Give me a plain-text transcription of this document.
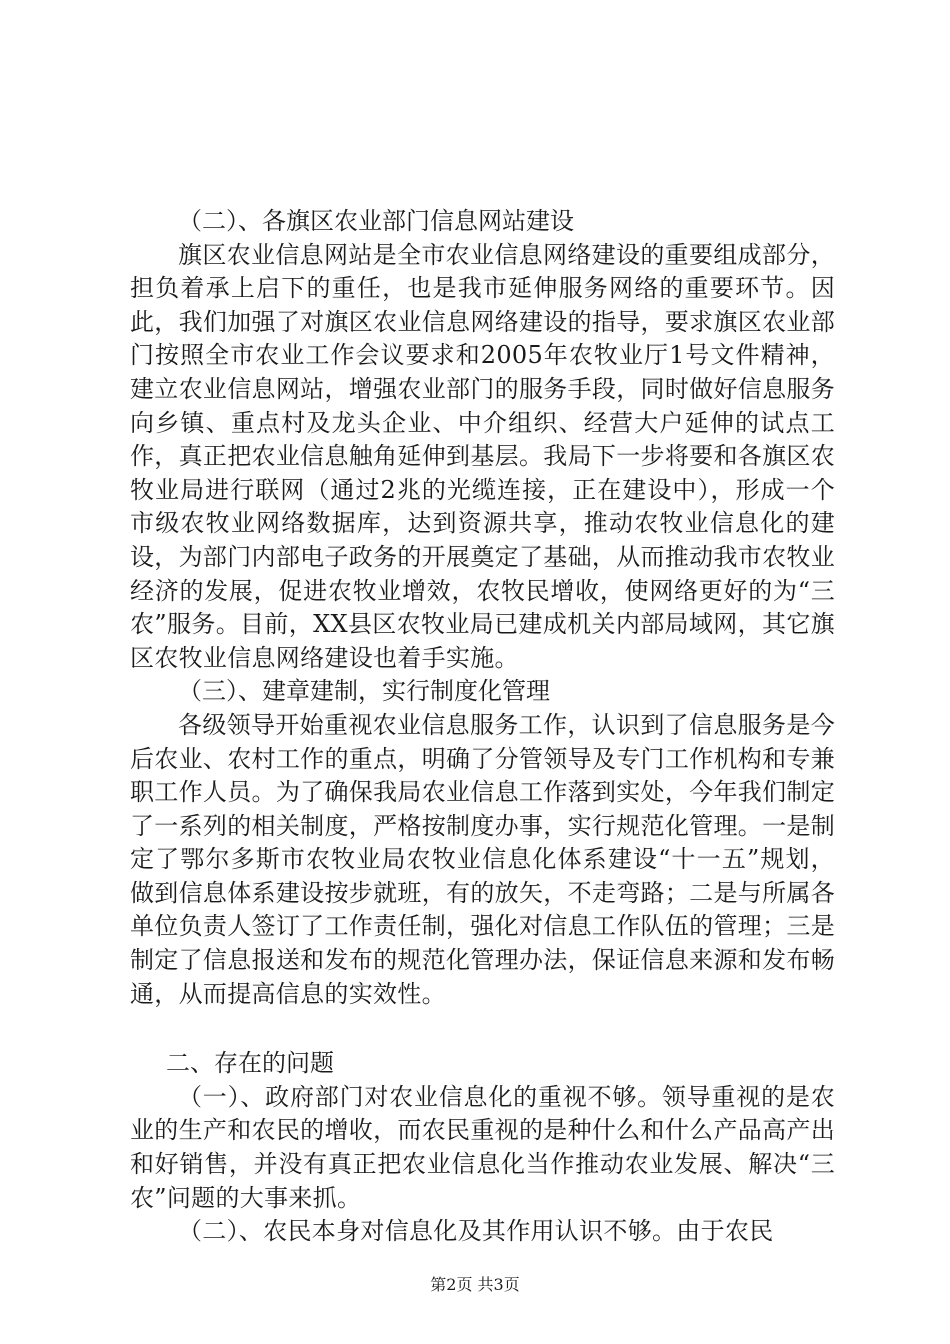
（二）、各旗区农业部门信息网站建设

旗区农业信息网站是全市农业信息网络建设的重要组成部分，担负着承上启下的重任，也是我市延伸服务网络的重要环节。因此，我们加强了对旗区农业信息网络建设的指导，要求旗区农业部门按照全市农业工作会议要求和2005年农牧业厅1号文件精神，建立农业信息网站，增强农业部门的服务手段，同时做好信息服务向乡镇、重点村及龙头企业、中介组织、经营大户延伸的试点工作，真正把农业信息触角延伸到基层。我局下一步将要和各旗区农牧业局进行联网（通过2兆的光缆连接，正在建设中），形成一个市级农牧业网络数据库，达到资源共享，推动农牧业信息化的建设，为部门内部电子政务的开展奠定了基础，从而推动我市农牧业经济的发展，促进农牧业增效，农牧民增收，使网络更好的为“三农”服务。目前，XX县区农牧业局已建成机关内部局域网，其它旗区农牧业信息网络建设也着手实施。

（三）、建章建制，实行制度化管理

各级领导开始重视农业信息服务工作，认识到了信息服务是今后农业、农村工作的重点，明确了分管领导及专门工作机构和专兼职工作人员。为了确保我局农业信息工作落到实处，今年我们制定了一系列的相关制度，严格按制度办事，实行规范化管理。一是制定了鄂尔多斯市农牧业局农牧业信息化体系建设“十一五”规划，做到信息体系建设按步就班，有的放矢，不走弯路；二是与所属各单位负责人签订了工作责任制，强化对信息工作队伍的管理；三是制定了信息报送和发布的规范化管理办法，保证信息来源和发布畅通，从而提高信息的实效性。

二、存在的问题

（一）、政府部门对农业信息化的重视不够。领导重视的是农业的生产和农民的增收，而农民重视的是种什么和什么产品高产出和好销售，并没有真正把农业信息化当作推动农业发展、解决“三农”问题的大事来抓。

（二）、农民本身对信息化及其作用认识不够。由于农民

第2页 共3页
